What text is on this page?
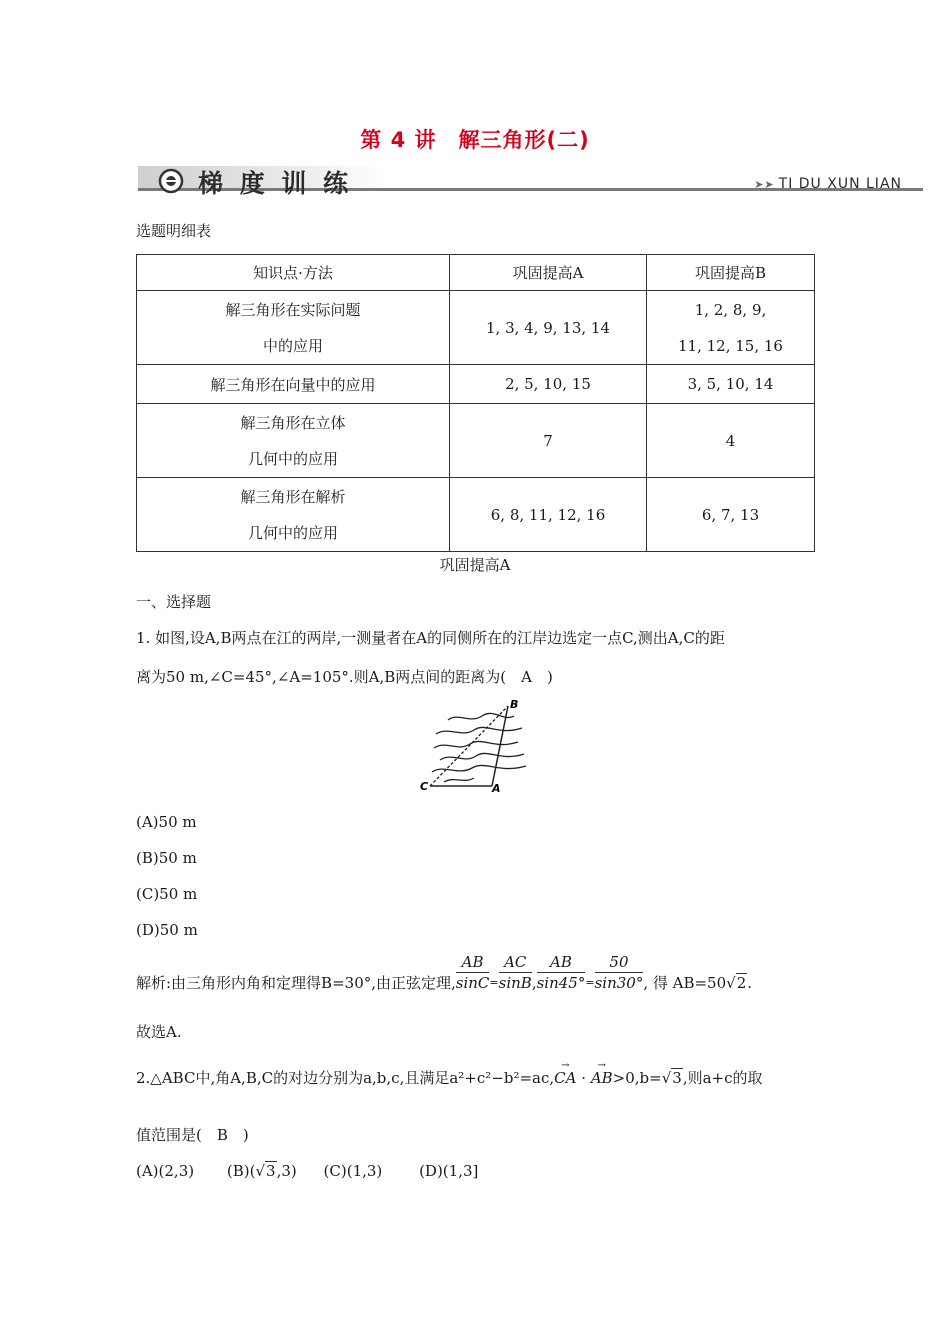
第 4 讲　解三角形(二)
梯 度 训 练	➤➤ TI DU XUN LIAN
选题明细表
知识点·方法	巩固提高A	巩固提高B

解三角形在实际问题
中的应用	1, 3, 4, 9, 13, 14	1, 2, 8, 9,
11, 12, 15, 16

解三角形在向量中的应用	2, 5, 10, 15	3, 5, 10, 14

解三角形在立体
几何中的应用	7	4

解三角形在解析
几何中的应用	6, 8, 11, 12, 16	6, 7, 13
巩固提高A
一、选择题
1. 如图,设A,B两点在江的两岸,一测量者在A的同侧所在的江岸边选定一点C,测出A,C的距
离为50 m,∠C=45°,∠A=105°.则A,B两点间的距离为(　A　)
B
C	A
(A)50 m
(B)50 m
(C)50 m
(D)50 m
解析:由三角形内角和定理得B=30°,由正弦定理, $\frac{AB}{\sin C} = \frac{AC}{\sin B}$ , $\frac{AB}{\sin 45^\circ} = \frac{50}{\sin 30^\circ}$ , 得 AB=50 √2 .
故选A.
2.△ABC中,角A,B,C的对边分别为a,b,c,且满足a²+c²−b²=ac,
→
CA ·
→
AB>0,b=√3,则a+c的取
值范围是(　B　)
(A)(2,3) (B)(√3,3) (C)(1,3) (D)(1,3]
